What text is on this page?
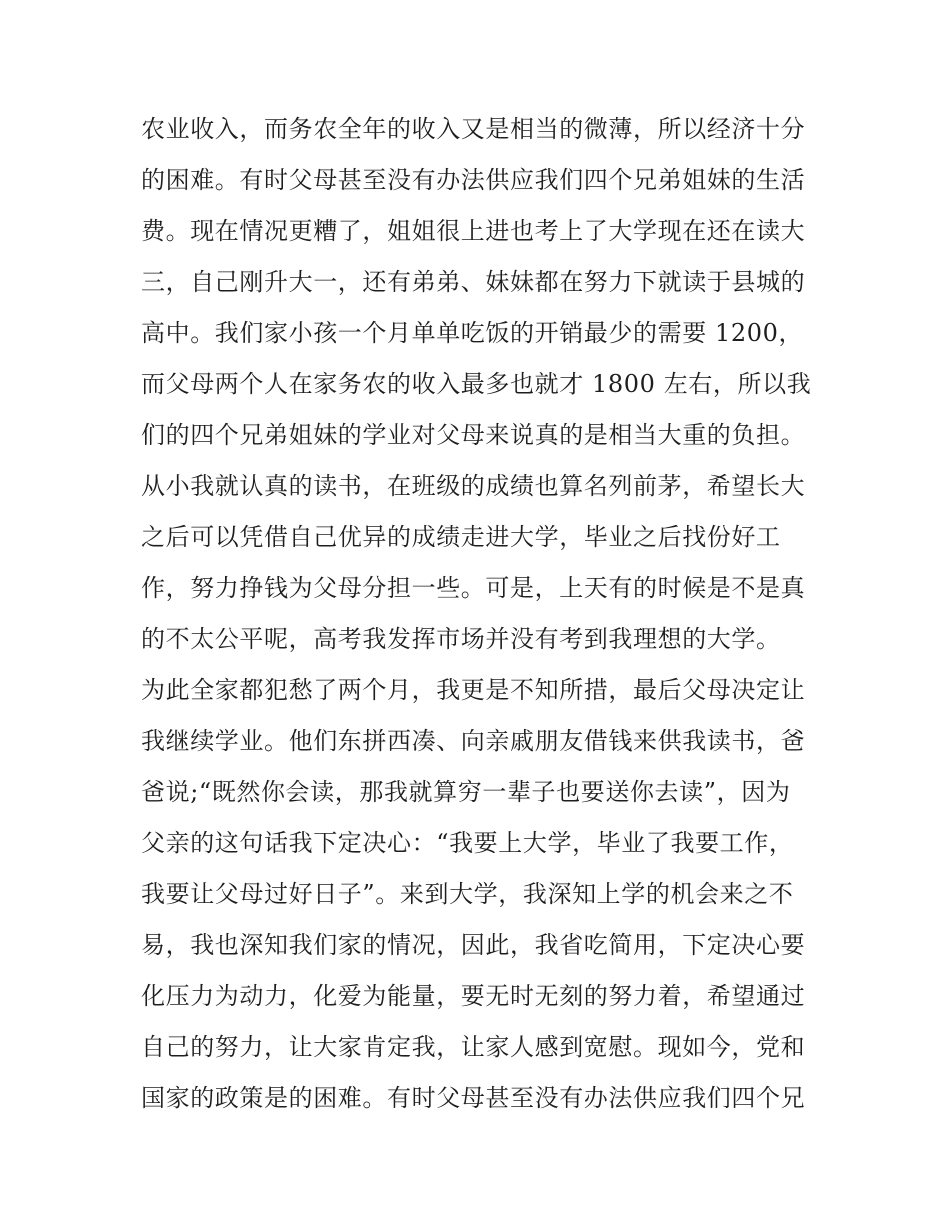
农业收入，而务农全年的收入又是相当的微薄，所以经济十分
的困难。有时父母甚至没有办法供应我们四个兄弟姐妹的生活
费。现在情况更糟了，姐姐很上进也考上了大学现在还在读大
三，自己刚升大一，还有弟弟、妹妹都在努力下就读于县城的
高中。我们家小孩一个月单单吃饭的开销最少的需要 1200，
而父母两个人在家务农的收入最多也就才 1800 左右，所以我
们的四个兄弟姐妹的学业对父母来说真的是相当大重的负担。
从小我就认真的读书，在班级的成绩也算名列前茅，希望长大
之后可以凭借自己优异的成绩走进大学，毕业之后找份好工
作，努力挣钱为父母分担一些。可是，上天有的时候是不是真
的不太公平呢，高考我发挥市场并没有考到我理想的大学。
为此全家都犯愁了两个月，我更是不知所措，最后父母决定让
我继续学业。他们东拼西凑、向亲戚朋友借钱来供我读书，爸
爸说;“既然你会读，那我就算穷一辈子也要送你去读”，因为
父亲的这句话我下定决心：“我要上大学，毕业了我要工作，
我要让父母过好日子”。来到大学，我深知上学的机会来之不
易，我也深知我们家的情况，因此，我省吃简用，下定决心要
化压力为动力，化爱为能量，要无时无刻的努力着，希望通过
自己的努力，让大家肯定我，让家人感到宽慰。现如今，党和
国家的政策是的困难。有时父母甚至没有办法供应我们四个兄
